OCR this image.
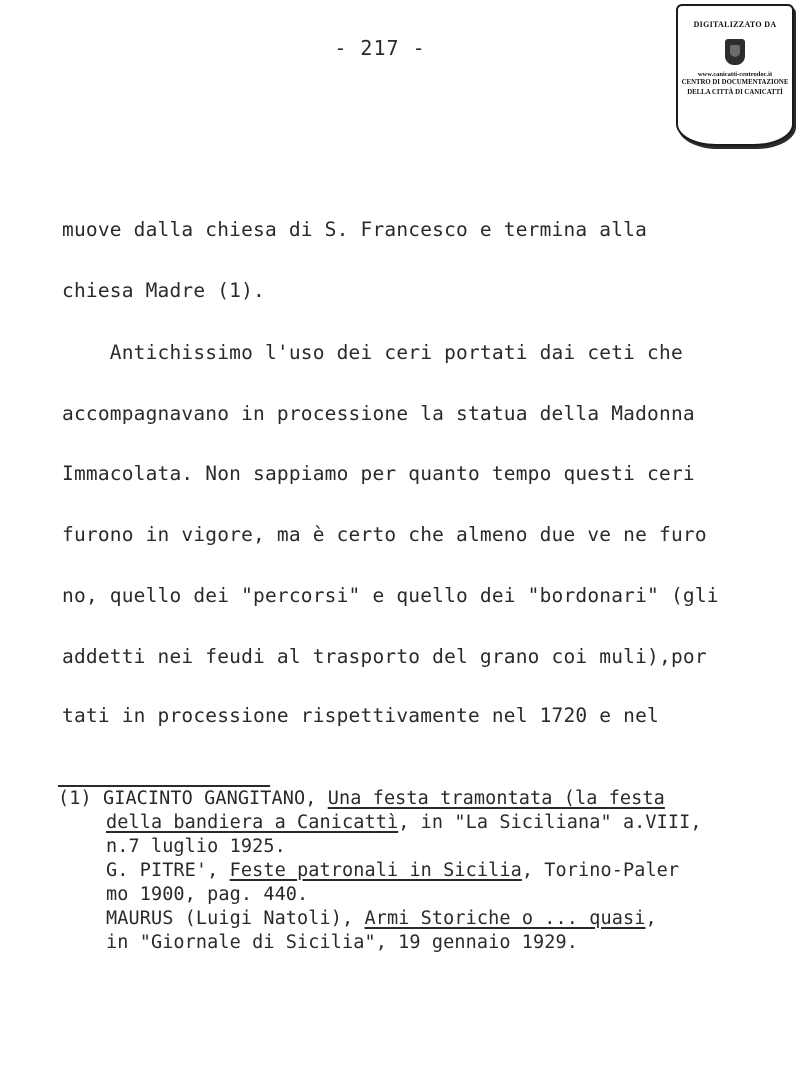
- 217 -
DIGITALIZZATO DA
www.canicatti-centrodoc.it
CENTRO DI DOCUMENTAZIONE
DELLA CITTÀ DI CANICATTÌ
muove dalla chiesa di S. Francesco e termina alla
chiesa Madre (1).
Antichissimo l'uso dei ceri portati dai ceti che
accompagnavano in processione la statua della Madonna
Immacolata. Non sappiamo per quanto tempo questi ceri
furono in vigore, ma è certo che almeno due ve ne furo
no, quello dei "percorsi" e quello dei "bordonari" (gli
addetti nei feudi al trasporto del grano coi muli),por
tati in processione rispettivamente nel 1720 e nel
(1) GIACINTO GANGITANO, Una festa tramontata (la festa
della bandiera a Canicattì, in "La Siciliana" a.VIII,
n.7 luglio 1925.
G. PITRE', Feste patronali in Sicilia, Torino-Paler
mo 1900, pag. 440.
MAURUS (Luigi Natoli), Armi Storiche o ... quasi,
in "Giornale di Sicilia", 19 gennaio 1929.
